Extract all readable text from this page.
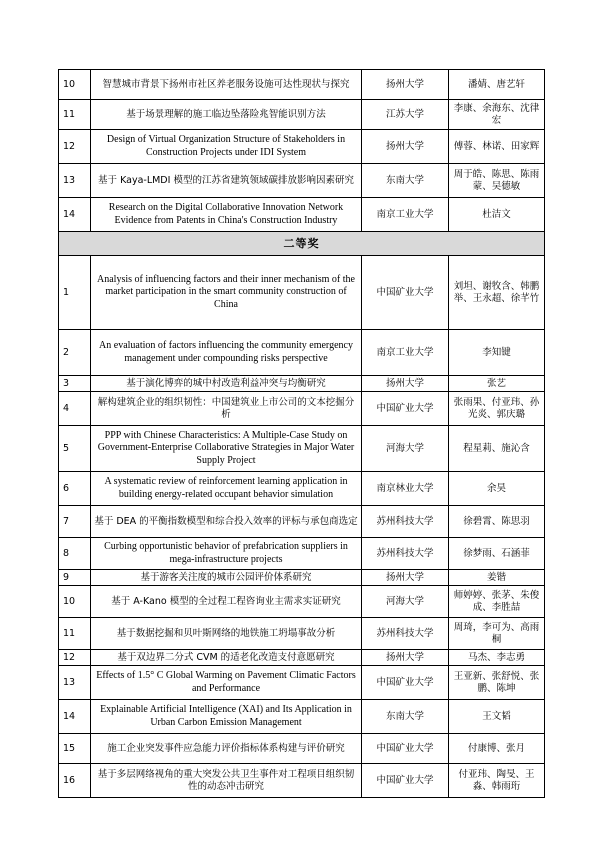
10	智慧城市背景下扬州市社区养老服务设施可达性现状与探究	扬州大学	潘婧、唐艺轩
11	基于场景理解的施工临边坠落险兆智能识别方法	江苏大学	李康、余海东、沈律宏
12	Design of Virtual Organization Structure of Stakeholders in Construction Projects under IDI System	扬州大学	傅蓉、林诺、田家辉
13	基于 Kaya-LMDI 模型的江苏省建筑领域碳排放影响因素研究	东南大学	周于皓、陈思、陈雨蒙、吴德敏
14	Research on the Digital Collaborative Innovation Network Evidence from Patents in China's Construction Industry	南京工业大学	杜洁文
二等奖			
1	Analysis of influencing factors and their inner mechanism of the market participation in the smart community construction of China	中国矿业大学	刘坦、谢牧含、韩鹏举、王永超、徐芊竹
2	An evaluation of factors influencing the community emergency management under compounding risks perspective	南京工业大学	李知键
3	基于演化博弈的城中村改造利益冲突与均衡研究	扬州大学	张艺
4	解构建筑企业的组织韧性：中国建筑业上市公司的文本挖掘分析	中国矿业大学	张雨果、付亚玮、孙光炎、郭庆璐
5	PPP with Chinese Characteristics: A Multiple-Case Study on Government-Enterprise Collaborative Strategies in Major Water Supply Project	河海大学	程星莉、施沁含
6	A systematic review of reinforcement learning application in building energy-related occupant behavior simulation	南京林业大学	余昊
7	基于 DEA 的平衡指数模型和综合投入效率的评标与承包商选定	苏州科技大学	徐碧霄、陈思羽
8	Curbing opportunistic behavior of prefabrication suppliers in mega-infrastructure projects	苏州科技大学	徐梦雨、石涵菲
9	基于游客关注度的城市公园评价体系研究	扬州大学	姜锴
10	基于 A-Kano 模型的全过程工程咨询业主需求实证研究	河海大学	师婷婷、张茅、朱俊成、李胜喆
11	基于数据挖掘和贝叶斯网络的地铁施工坍塌事故分析	苏州科技大学	周琦，李可为、高雨桐
12	基于双边界二分式 CVM 的适老化改造支付意愿研究	扬州大学	马杰、李志勇
13	Effects of 1.5° C Global Warming on Pavement Climatic Factors and Performance	中国矿业大学	王亚新、张舒悦、张鹏、陈坤
14	Explainable Artificial Intelligence (XAI) and Its Application in Urban Carbon Emission Management	东南大学	王文韬
15	施工企业突发事件应急能力评价指标体系构建与评价研究	中国矿业大学	付康博、张月
16	基于多层网络视角的重大突发公共卫生事件对工程项目组织韧性的动态冲击研究	中国矿业大学	付亚玮、陶旻、王淼、韩雨珩
